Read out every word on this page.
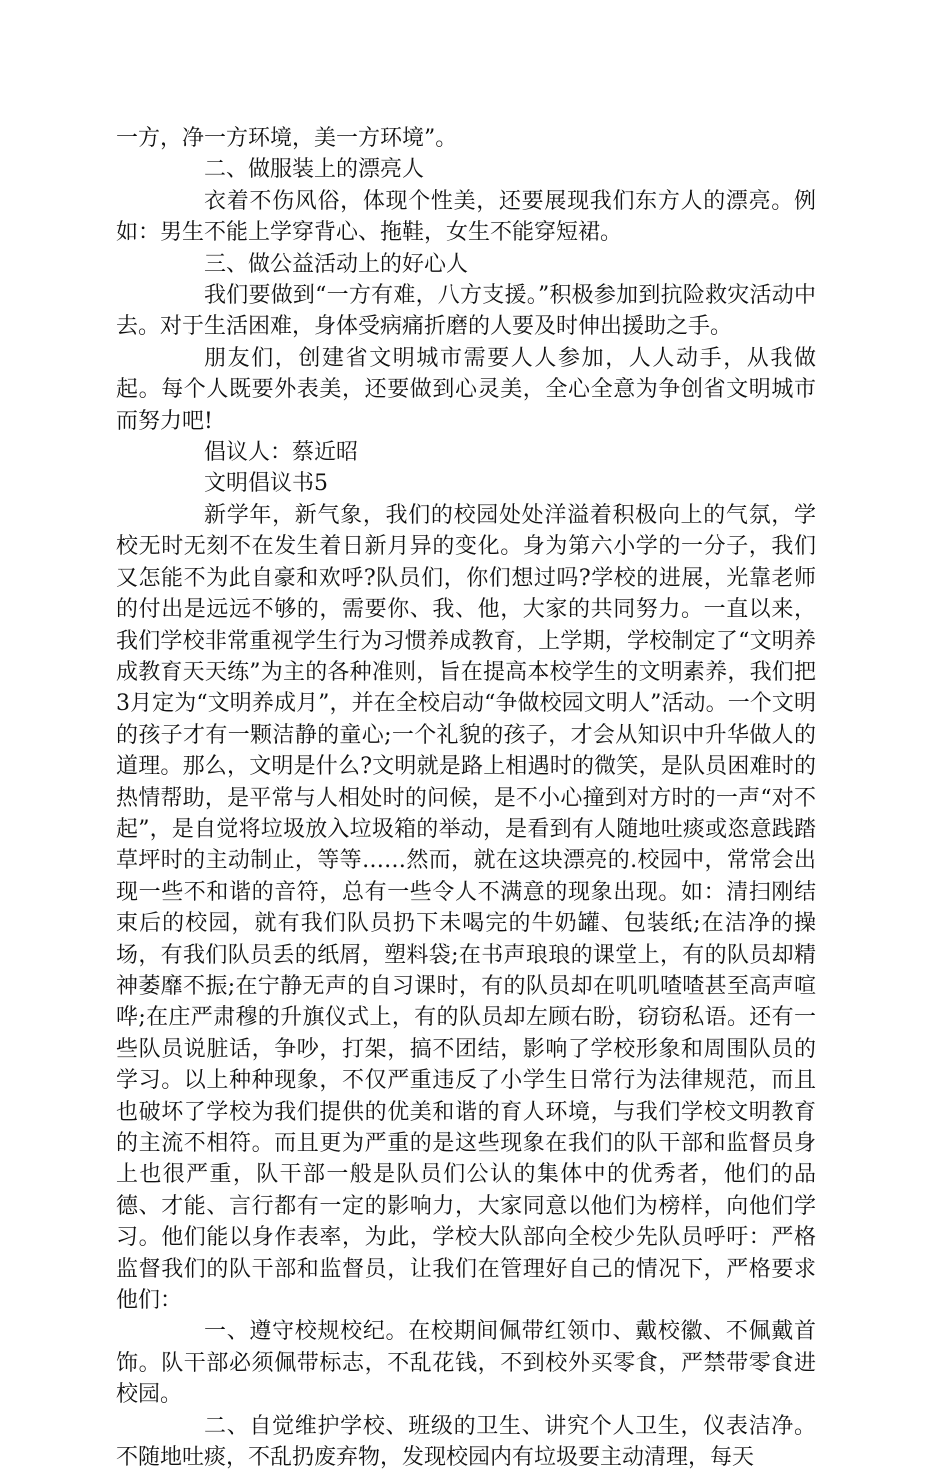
一方，净一方环境，美一方环境”。

二、做服装上的漂亮人

衣着不伤风俗，体现个性美，还要展现我们东方人的漂亮。例如：男生不能上学穿背心、拖鞋，女生不能穿短裙。

三、做公益活动上的好心人

我们要做到“一方有难，八方支援。”积极参加到抗险救灾活动中去。对于生活困难，身体受病痛折磨的人要及时伸出援助之手。

朋友们，创建省文明城市需要人人参加，人人动手，从我做起。每个人既要外表美，还要做到心灵美，全心全意为争创省文明城市而努力吧!

倡议人：蔡近昭

文明倡议书5

新学年，新气象，我们的校园处处洋溢着积极向上的气氛，学校无时无刻不在发生着日新月异的变化。身为第六小学的一分子，我们又怎能不为此自豪和欢呼?队员们，你们想过吗?学校的进展，光靠老师的付出是远远不够的，需要你、我、他，大家的共同努力。一直以来，我们学校非常重视学生行为习惯养成教育，上学期，学校制定了“文明养成教育天天练”为主的各种准则，旨在提高本校学生的文明素养，我们把3月定为“文明养成月”，并在全校启动“争做校园文明人”活动。一个文明的孩子才有一颗洁静的童心;一个礼貌的孩子，才会从知识中升华做人的道理。那么，文明是什么?文明就是路上相遇时的微笑，是队员困难时的热情帮助，是平常与人相处时的问候，是不小心撞到对方时的一声“对不起”，是自觉将垃圾放入垃圾箱的举动，是看到有人随地吐痰或恣意践踏草坪时的主动制止，等等……然而，就在这块漂亮的.校园中，常常会出现一些不和谐的音符，总有一些令人不满意的现象出现。如：清扫刚结束后的校园，就有我们队员扔下未喝完的牛奶罐、包装纸;在洁净的操场，有我们队员丢的纸屑，塑料袋;在书声琅琅的课堂上，有的队员却精神萎靡不振;在宁静无声的自习课时，有的队员却在叽叽喳喳甚至高声喧哗;在庄严肃穆的升旗仪式上，有的队员却左顾右盼，窃窃私语。还有一些队员说脏话，争吵，打架，搞不团结，影响了学校形象和周围队员的学习。以上种种现象，不仅严重违反了小学生日常行为法律规范，而且也破坏了学校为我们提供的优美和谐的育人环境，与我们学校文明教育的主流不相符。而且更为严重的是这些现象在我们的队干部和监督员身上也很严重，队干部一般是队员们公认的集体中的优秀者，他们的品德、才能、言行都有一定的影响力，大家同意以他们为榜样，向他们学习。他们能以身作表率，为此，学校大队部向全校少先队员呼吁：严格监督我们的队干部和监督员，让我们在管理好自己的情况下，严格要求他们：

一、遵守校规校纪。在校期间佩带红领巾、戴校徽、不佩戴首饰。队干部必须佩带标志，不乱花钱，不到校外买零食，严禁带零食进校园。

二、自觉维护学校、班级的卫生、讲究个人卫生，仪表洁净。不随地吐痰，不乱扔废弃物，发现校园内有垃圾要主动清理，每天
